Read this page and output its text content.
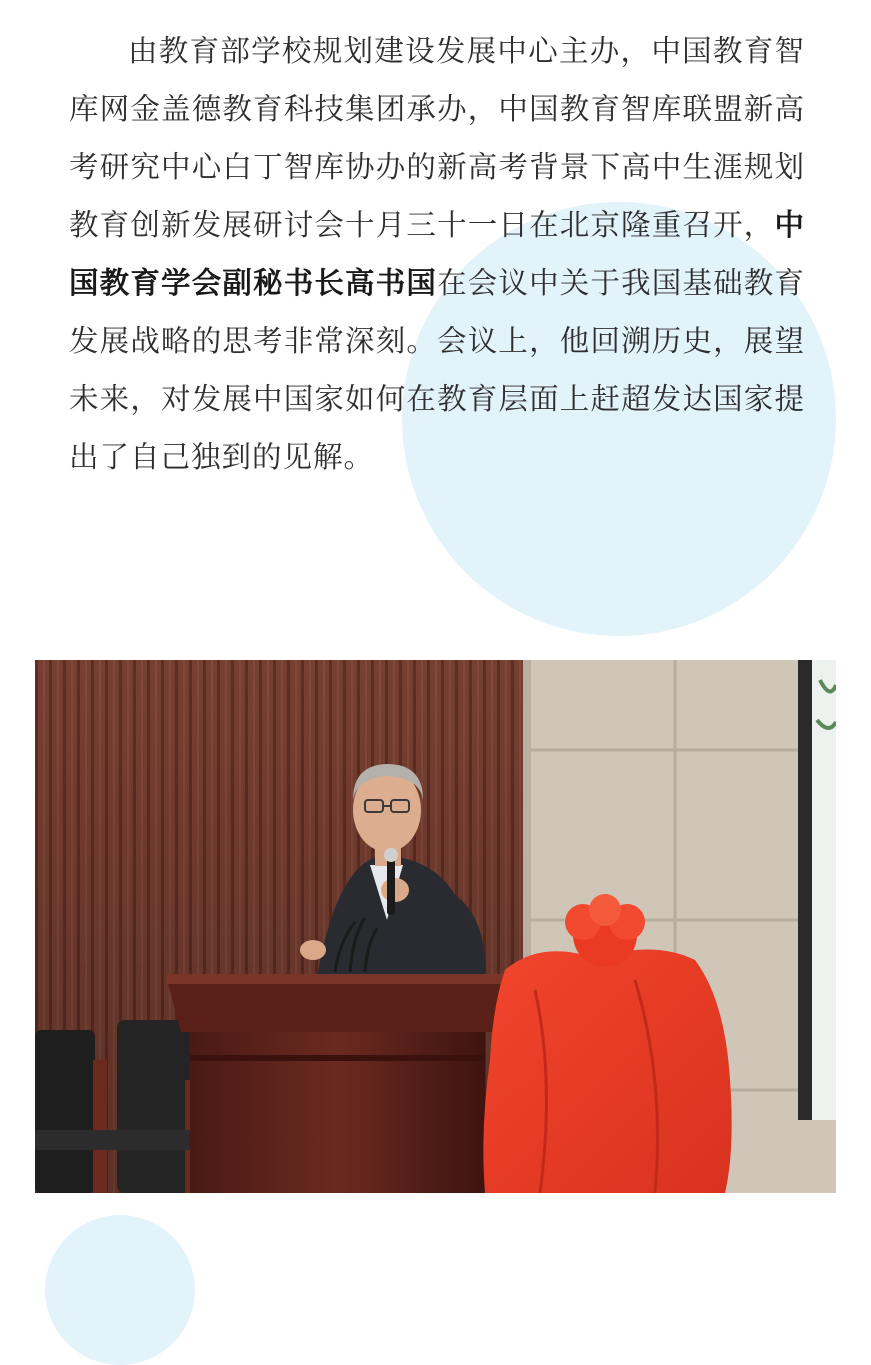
由教育部学校规划建设发展中心主办，中国教育智库网金盖德教育科技集团承办，中国教育智库联盟新高考研究中心白丁智库协办的新高考背景下高中生涯规划教育创新发展研讨会十月三十一日在北京隆重召开，中国教育学会副秘书长高书国在会议中关于我国基础教育发展战略的思考非常深刻。会议上，他回溯历史，展望未来，对发展中国家如何在教育层面上赶超发达国家提出了自己独到的见解。
